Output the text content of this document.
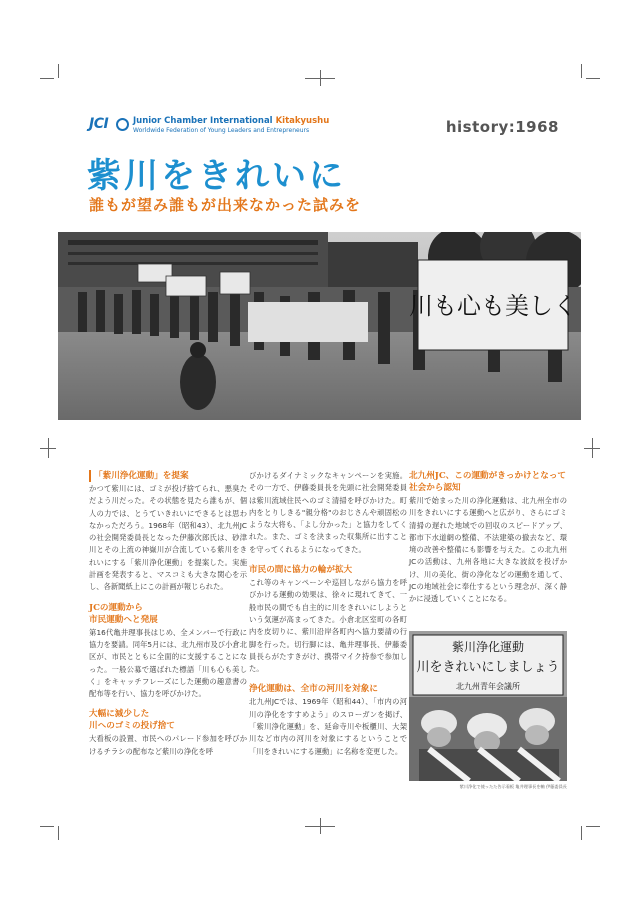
JCI	Junior Chamber International Kitakyushu
Worldwide Federation of Young Leaders and Entrepreneurs	history:1968
紫川をきれいに
誰もが望み誰もが出来なかった試みを
川も心も美しく
「紫川浄化運動」を提案

かつて紫川には、ゴミが投げ捨てられ、悪臭ただよう川だった。その状態を見たら誰もが、個人の力では、とうていきれいにできるとは思わなかっただろう。1968年（昭和43）、北九州JCの社会開発委員長となった伊藤次郎氏は、砂津川とその上流の神嶽川が合流している紫川をきれいにする「紫川浄化運動」を提案した。実施計画を発表すると、マスコミも大きな関心を示し、各新聞紙上にこの計画が報じられた。

JCの運動から
市民運動へと発展

第16代亀井理事長はじめ、全メンバーで行政に協力を要請。同年5月には、北九州市及び小倉北区が、市民とともに全面的に支援することになった。一般公募で選ばれた標語「川も心も美しく」をキャッチフレーズにした運動の趣意書の配布等を行い、協力を呼びかけた。

大幅に減少した
川へのゴミの投げ捨て

大看板の設置、市民へのパレード参加を呼びかけるチラシの配布など紫川の浄化を呼

びかけるダイナミックなキャンペーンを実施。その一方で、伊藤委員長を先頭に社会開発委員は紫川流域住民へのゴミ清掃を呼びかけた。町内をとりしきる"親分格"のおじさんや頑固松のような大将も、「よし分かった」と協力をしてくれた。また、ゴミを決まった収集所に出すことを守ってくれるようになってきた。

市民の間に協力の輪が拡大

これ等のキャンペーンや巡回しながら協力を呼びかける運動の効果は、徐々に現れてきて、一般市民の間でも自主的に川をきれいにしようという気運が高まってきた。小倉北区室町の各町内を皮切りに、紫川沿岸各町内へ協力要請の行脚を行った。切行脚には、亀井理事長、伊藤委員長らがたすきがけ、携帯マイク持参で参加した。

浄化運動は、全市の河川を対象に

北九州JCでは、1969年（昭和44）、「市内の河川の浄化をすすめよう」のスローガンを掲げ、「紫川浄化運動」を、延命寺川や板櫃川、大架川など市内の河川を対象にするということで「川をきれいにする運動」に名称を変更した。

北九州JC、この運動がきっかけとなって
社会から認知

紫川で始まった川の浄化運動は、北九州全市の川をきれいにする運動へと広がり、さらにゴミ清掃の遅れた地域での回収のスピードアップ、都市下水道網の整備、不法建築の撤去など、環境の改善や整備にも影響を与えた。この北九州JCの活動は、九州各地に大きな波紋を投げかけ、川の美化、街の浄化などの運動を通して、JCの地域社会に奉仕するという理念が、深く静かに浸透していくことになる。

紫川浄化運動
川をきれいにしましょう
北九州青年会議所
紫川浄化で使ったた告示看板 亀井理事長を軸 伊藤委員長
